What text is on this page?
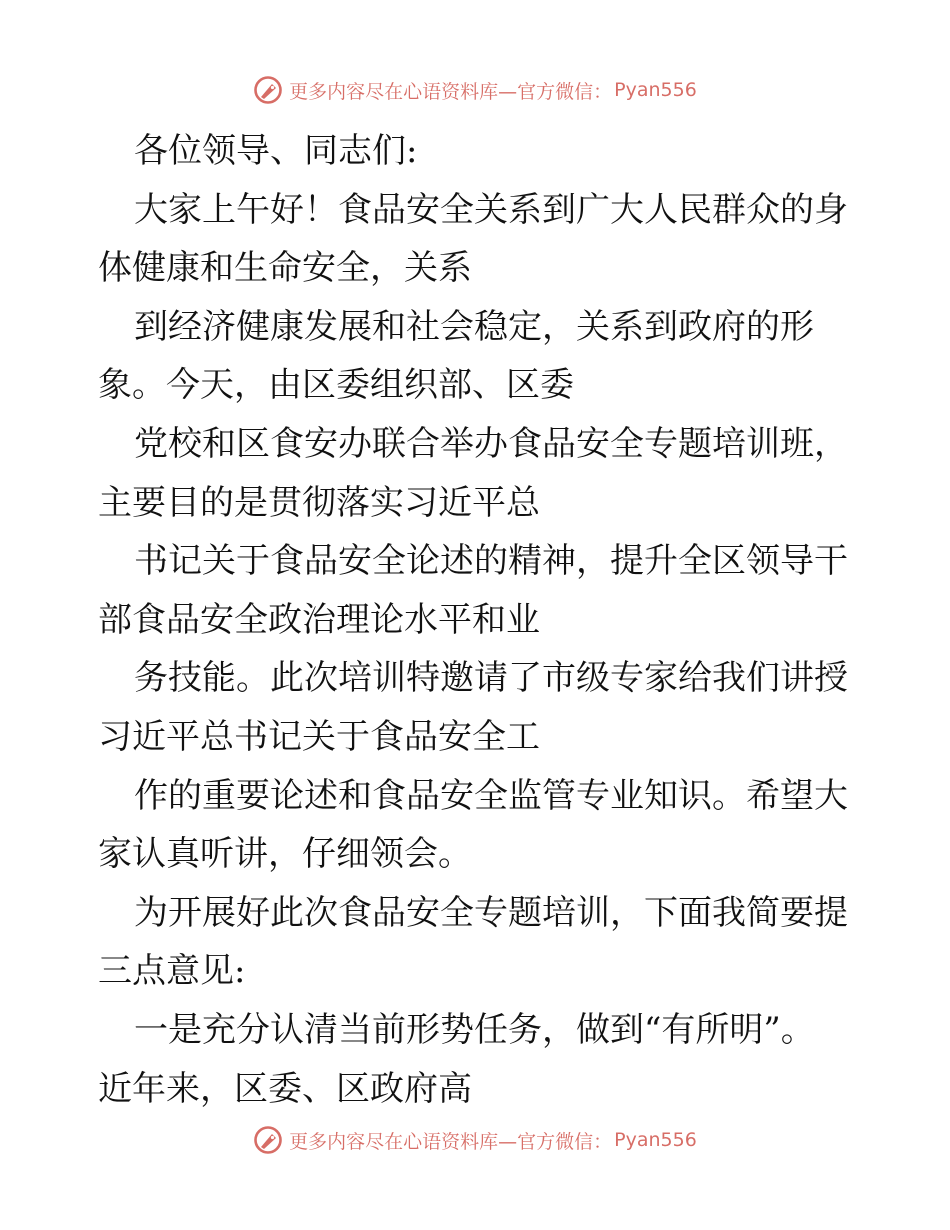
更多内容尽在心语资料库—官方微信： Pyan556
各位领导、同志们:
大家上午好！食品安全关系到广大人民群众的身
体健康和生命安全，关系
到经济健康发展和社会稳定，关系到政府的形
象。今天，由区委组织部、区委
党校和区食安办联合举办食品安全专题培训班，
主要目的是贯彻落实习近平总
书记关于食品安全论述的精神，提升全区领导干
部食品安全政治理论水平和业
务技能。此次培训特邀请了市级专家给我们讲授
习近平总书记关于食品安全工
作的重要论述和食品安全监管专业知识。希望大
家认真听讲，仔细领会。
为开展好此次食品安全专题培训，下面我简要提
三点意见:
一是充分认清当前形势任务，做到“有所明”。
近年来，区委、区政府高
更多内容尽在心语资料库—官方微信： Pyan556
